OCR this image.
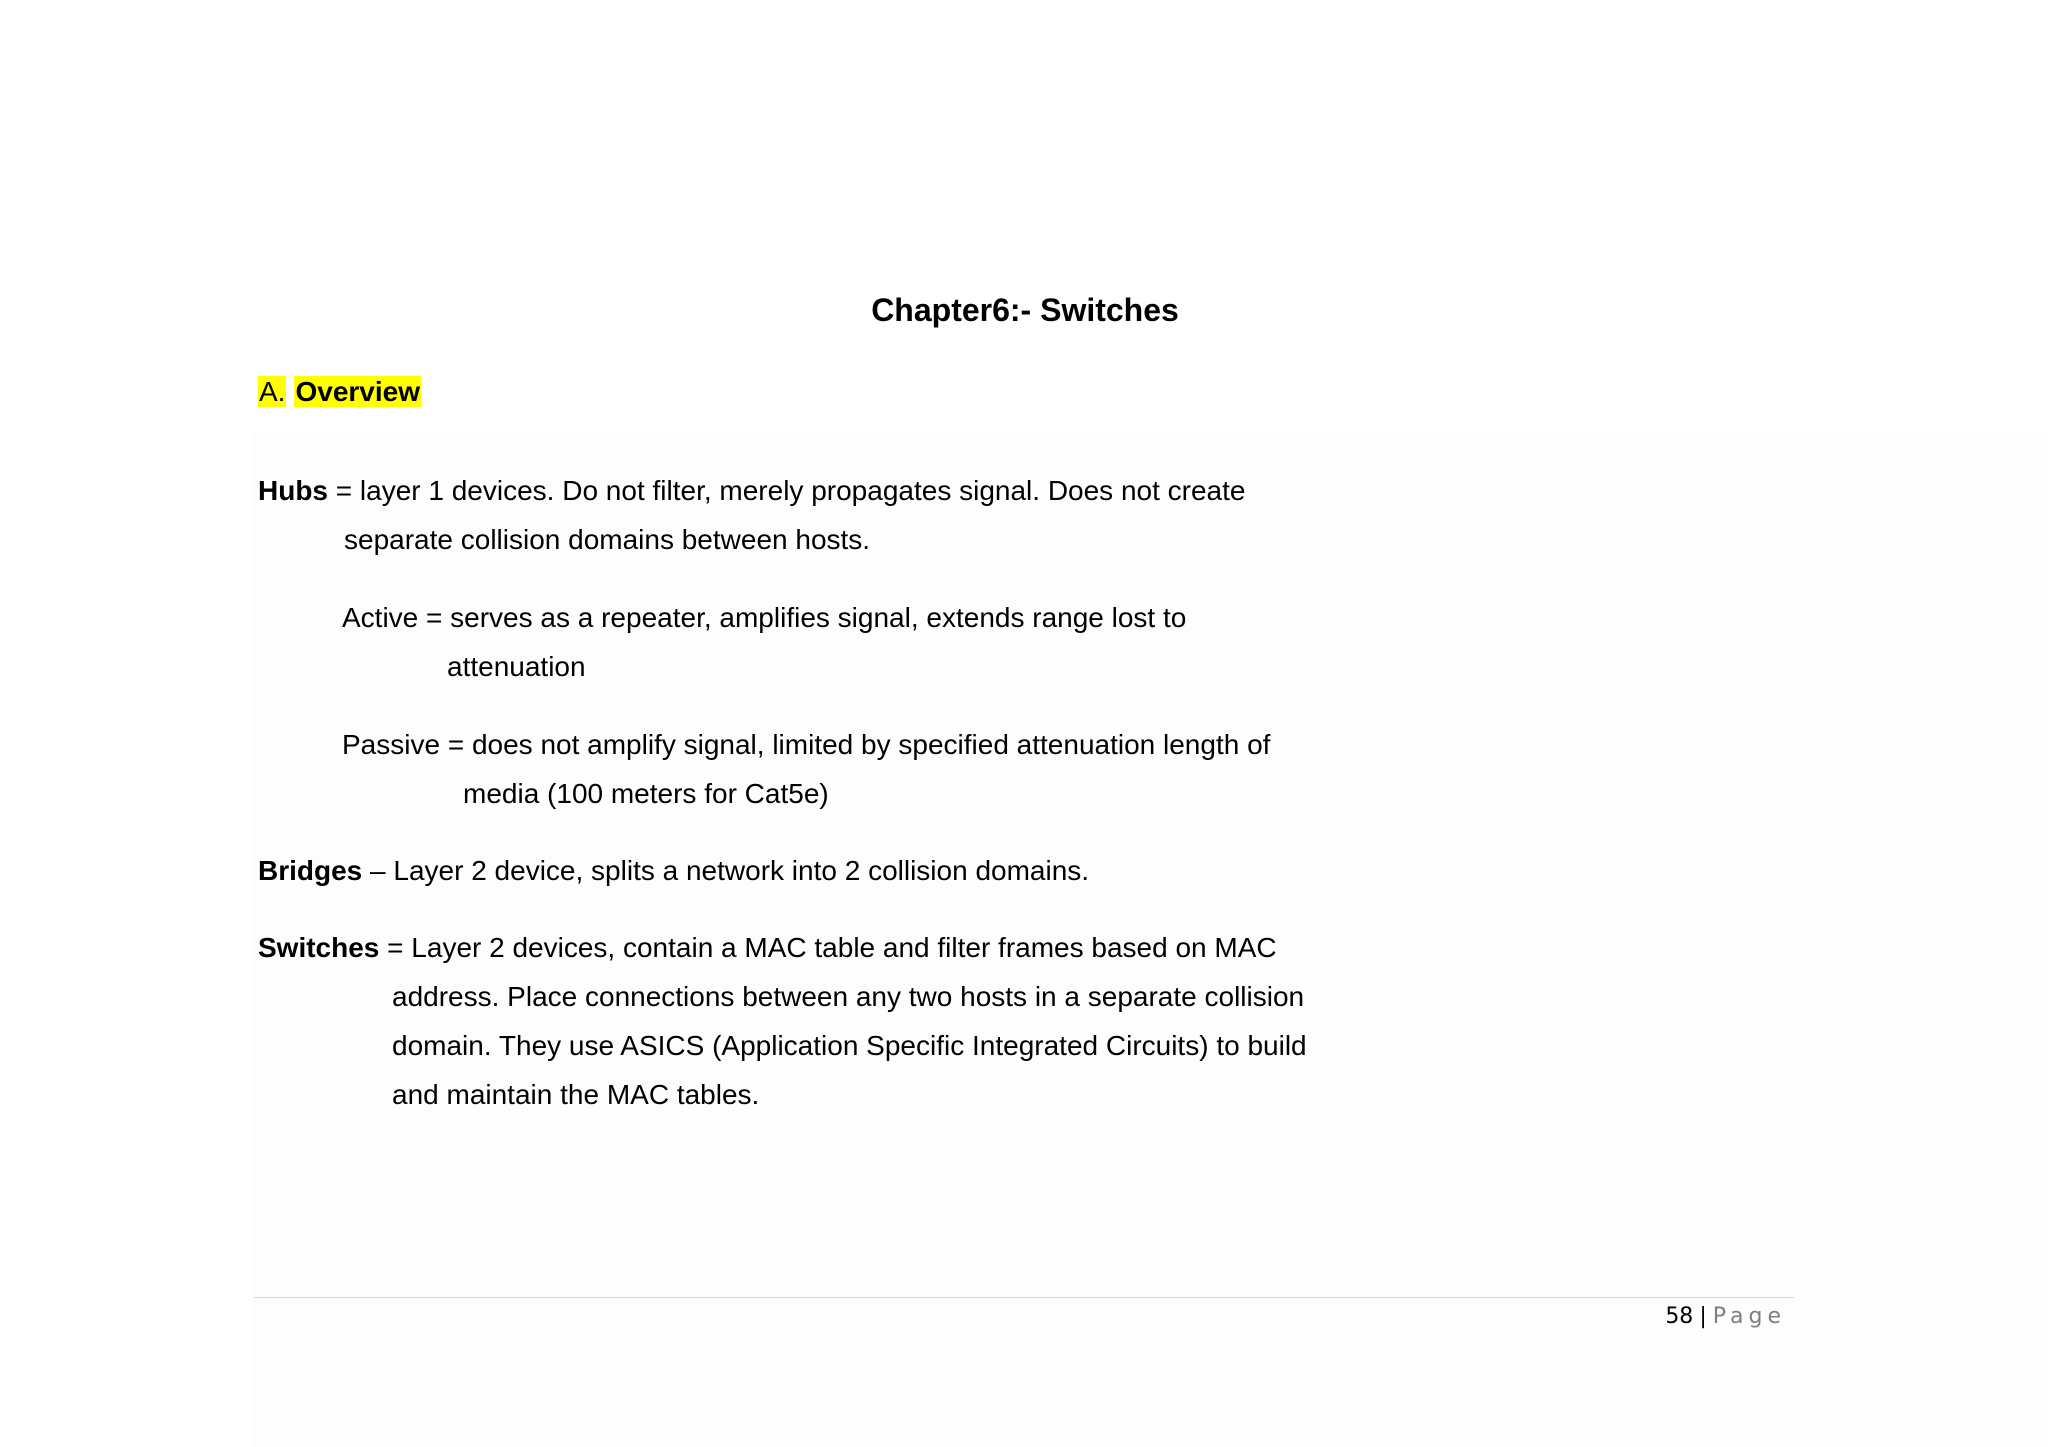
Chapter6:- Switches
A. Overview
Hubs = layer 1 devices. Do not filter, merely propagates signal. Does not create
separate collision domains between hosts.
Active = serves as a repeater, amplifies signal, extends range lost to
attenuation
Passive = does not amplify signal, limited by specified attenuation length of
media (100 meters for Cat5e)
Bridges – Layer 2 device, splits a network into 2 collision domains.
Switches = Layer 2 devices, contain a MAC table and filter frames based on MAC
address. Place connections between any two hosts in a separate collision
domain. They use ASICS (Application Specific Integrated Circuits) to build
and maintain the MAC tables.
58 | Page
